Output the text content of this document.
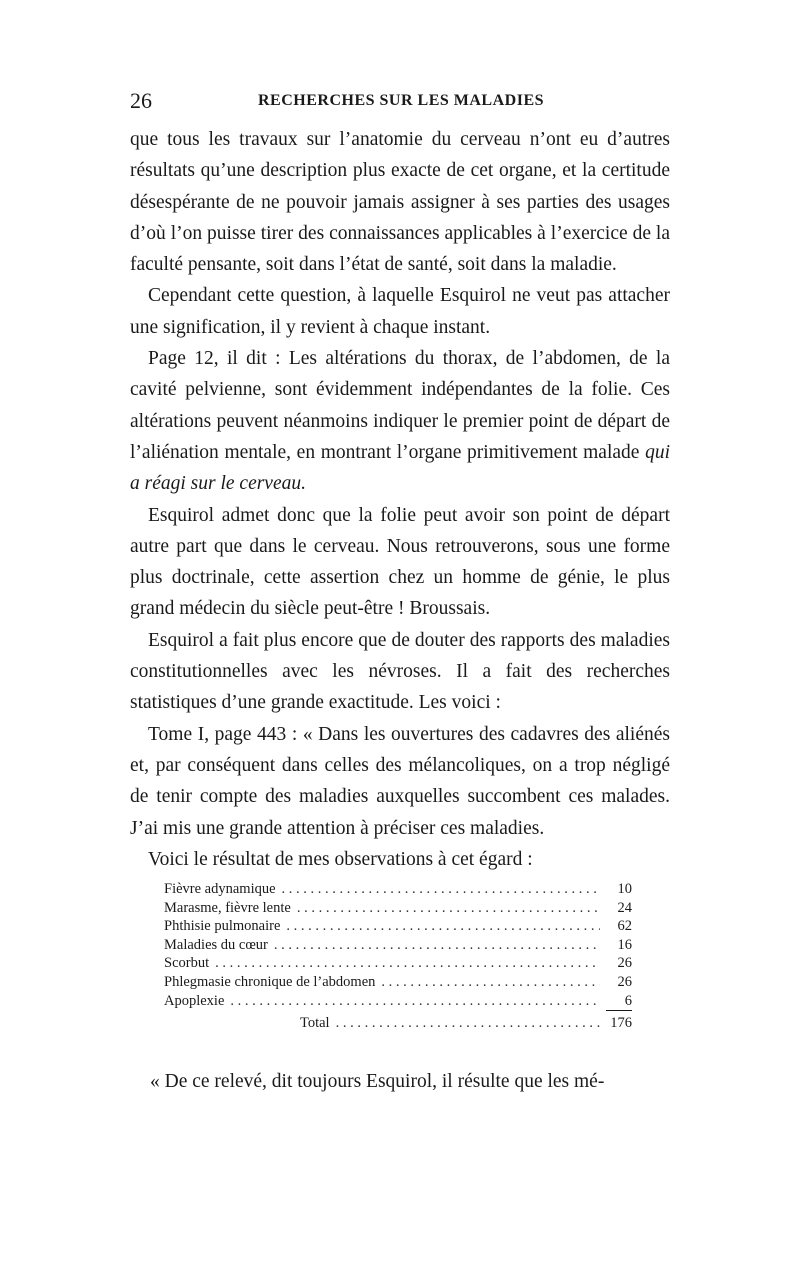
26	RECHERCHES SUR LES MALADIES

que tous les travaux sur l’anatomie du cerveau n’ont eu d’autres résultats qu’une description plus exacte de cet organe, et la certitude désespérante de ne pouvoir jamais assigner à ses parties des usages d’où l’on puisse tirer des connaissances applicables à l’exercice de la faculté pensante, soit dans l’état de santé, soit dans la maladie.

Cependant cette question, à laquelle Esquirol ne veut pas attacher une signification, il y revient à chaque instant.

Page 12, il dit : Les altérations du thorax, de l’abdomen, de la cavité pelvienne, sont évidemment indépendantes de la folie. Ces altérations peuvent néanmoins indiquer le premier point de départ de l’aliénation mentale, en montrant l’organe primitivement malade qui a réagi sur le cerveau.

Esquirol admet donc que la folie peut avoir son point de départ autre part que dans le cerveau. Nous retrouverons, sous une forme plus doctrinale, cette assertion chez un homme de génie, le plus grand médecin du siècle peut-être ! Broussais.

Esquirol a fait plus encore que de douter des rapports des maladies constitutionnelles avec les névroses. Il a fait des recherches statistiques d’une grande exactitude. Les voici :

Tome I, page 443 : « Dans les ouvertures des cadavres des aliénés et, par conséquent dans celles des mélancoliques, on a trop négligé de tenir compte des maladies auxquelles succombent ces malades. J’ai mis une grande attention à préciser ces maladies.

Voici le résultat de mes observations à cet égard :

Fièvre adynamique . . .	10
Marasme, fièvre lente . . .	24
Phthisie pulmonaire . . .	62
Maladies du cœur . . .	16
Scorbut . . .	26
Phlegmasie chronique de l’abdomen . . .	26
Apoplexie . . .	6
Total . . .	176
« De ce relevé, dit toujours Esquirol, il résulte que les mé-
